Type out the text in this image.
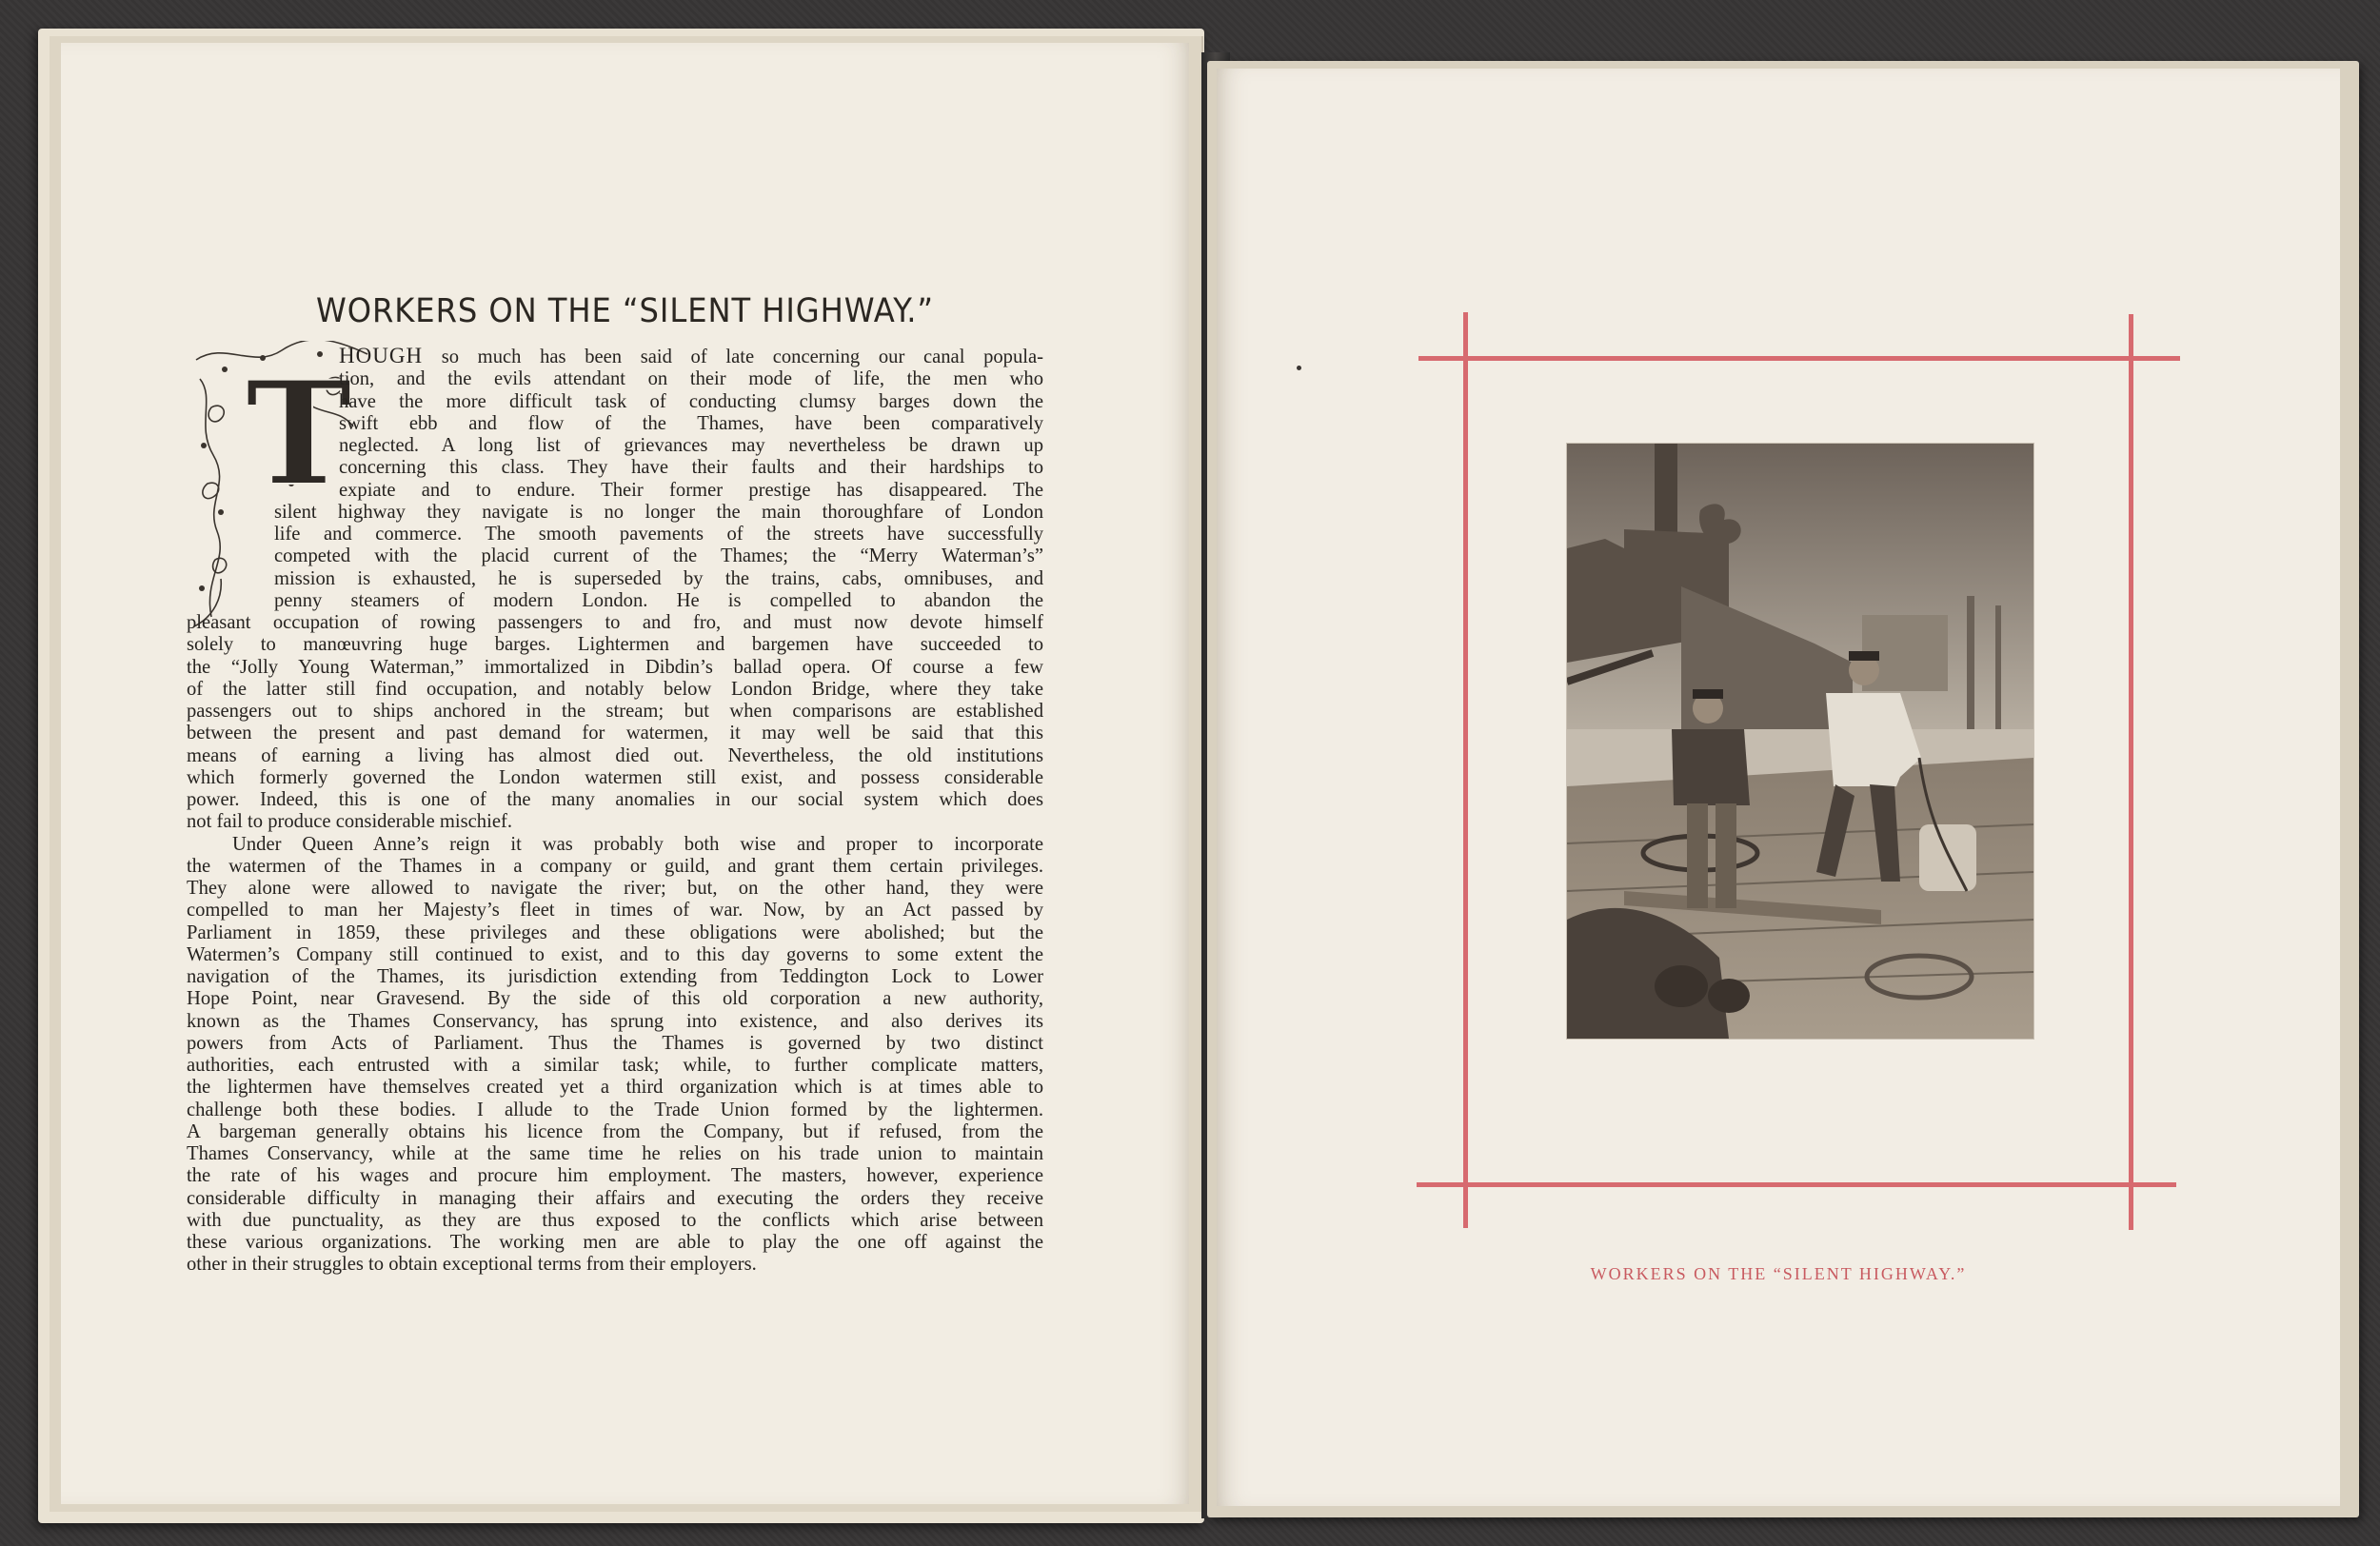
WORKERS ON THE “SILENT HIGHWAY.”
T
HOUGH so much has been said of late concerning our canal popula-
tion, and the evils attendant on their mode of life, the men who
have the more difficult task of conducting clumsy barges down the
swift ebb and flow of the Thames, have been comparatively
neglected. A long list of grievances may nevertheless be drawn up
concerning this class. They have their faults and their hardships to
expiate and to endure. Their former prestige has disappeared. The
silent highway they navigate is no longer the main thoroughfare of London
life and commerce. The smooth pavements of the streets have successfully
competed with the placid current of the Thames; the “Merry Waterman’s”
mission is exhausted, he is superseded by the trains, cabs, omnibuses, and
penny steamers of modern London. He is compelled to abandon the
pleasant occupation of rowing passengers to and fro, and must now devote himself
solely to manœuvring huge barges. Lightermen and bargemen have succeeded to
the “Jolly Young Waterman,” immortalized in Dibdin’s ballad opera. Of course a few
of the latter still find occupation, and notably below London Bridge, where they take
passengers out to ships anchored in the stream; but when comparisons are established
between the present and past demand for watermen, it may well be said that this
means of earning a living has almost died out. Nevertheless, the old institutions
which formerly governed the London watermen still exist, and possess considerable
power. Indeed, this is one of the many anomalies in our social system which does
not fail to produce considerable mischief.
Under Queen Anne’s reign it was probably both wise and proper to incorporate
the watermen of the Thames in a company or guild, and grant them certain privileges.
They alone were allowed to navigate the river; but, on the other hand, they were
compelled to man her Majesty’s fleet in times of war. Now, by an Act passed by
Parliament in 1859, these privileges and these obligations were abolished; but the
Watermen’s Company still continued to exist, and to this day governs to some extent the
navigation of the Thames, its jurisdiction extending from Teddington Lock to Lower
Hope Point, near Gravesend. By the side of this old corporation a new authority,
known as the Thames Conservancy, has sprung into existence, and also derives its
powers from Acts of Parliament. Thus the Thames is governed by two distinct
authorities, each entrusted with a similar task; while, to further complicate matters,
the lightermen have themselves created yet a third organization which is at times able to
challenge both these bodies. I allude to the Trade Union formed by the lightermen.
A bargeman generally obtains his licence from the Company, but if refused, from the
Thames Conservancy, while at the same time he relies on his trade union to maintain
the rate of his wages and procure him employment. The masters, however, experience
considerable difficulty in managing their affairs and executing the orders they receive
with due punctuality, as they are thus exposed to the conflicts which arise between
these various organizations. The working men are able to play the one off against the
other in their struggles to obtain exceptional terms from their employers.	WORKERS ON THE “SILENT HIGHWAY.”
